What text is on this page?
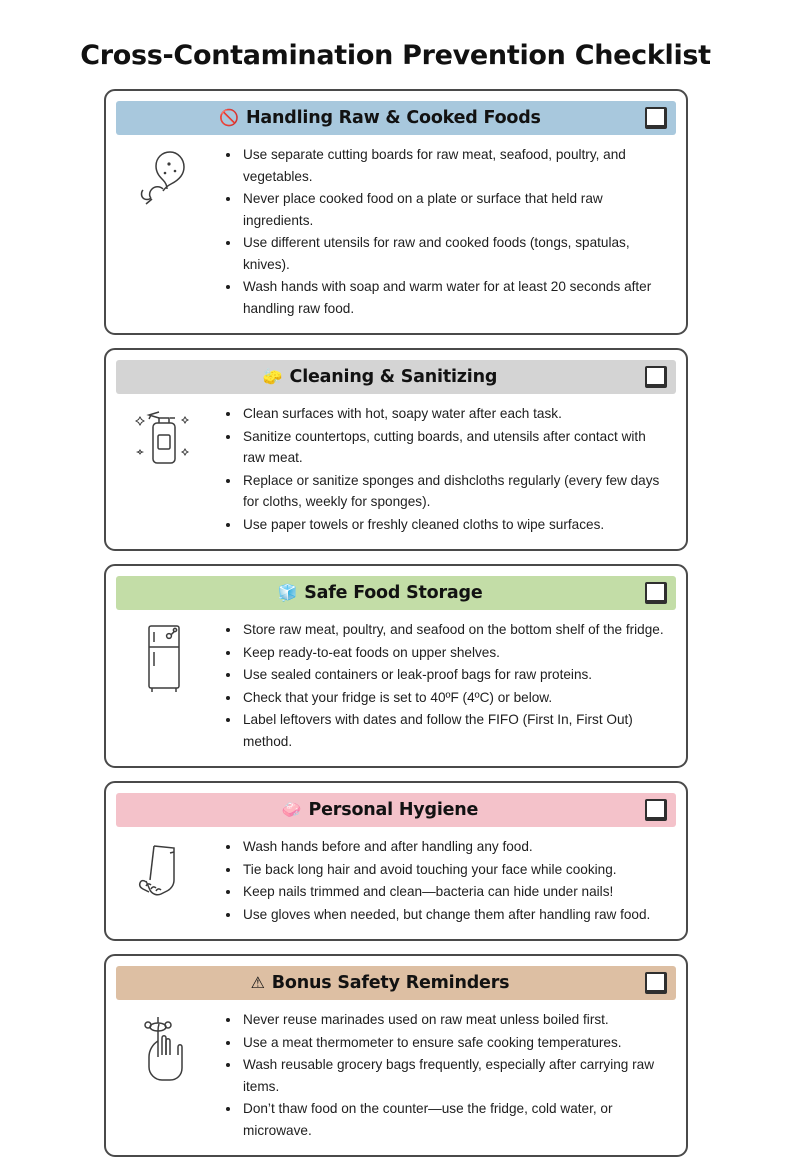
Cross-Contamination Prevention Checklist
🚫 Handling Raw & Cooked Foods
Use separate cutting boards for raw meat, seafood, poultry, and vegetables.
Never place cooked food on a plate or surface that held raw ingredients.
Use different utensils for raw and cooked foods (tongs, spatulas, knives).
Wash hands with soap and warm water for at least 20 seconds after handling raw food.
🧽 Cleaning & Sanitizing
Clean surfaces with hot, soapy water after each task.
Sanitize countertops, cutting boards, and utensils after contact with raw meat.
Replace or sanitize sponges and dishcloths regularly (every few days for cloths, weekly for sponges).
Use paper towels or freshly cleaned cloths to wipe surfaces.
🧊 Safe Food Storage
Store raw meat, poultry, and seafood on the bottom shelf of the fridge.
Keep ready-to-eat foods on upper shelves.
Use sealed containers or leak-proof bags for raw proteins.
Check that your fridge is set to 40ºF (4ºC) or below.
Label leftovers with dates and follow the FIFO (First In, First Out) method.
🧼 Personal Hygiene
Wash hands before and after handling any food.
Tie back long hair and avoid touching your face while cooking.
Keep nails trimmed and clean—bacteria can hide under nails!
Use gloves when needed, but change them after handling raw food.
⚠ Bonus Safety Reminders
Never reuse marinades used on raw meat unless boiled first.
Use a meat thermometer to ensure safe cooking temperatures.
Wash reusable grocery bags frequently, especially after carrying raw items.
Don’t thaw food on the counter—use the fridge, cold water, or microwave.
